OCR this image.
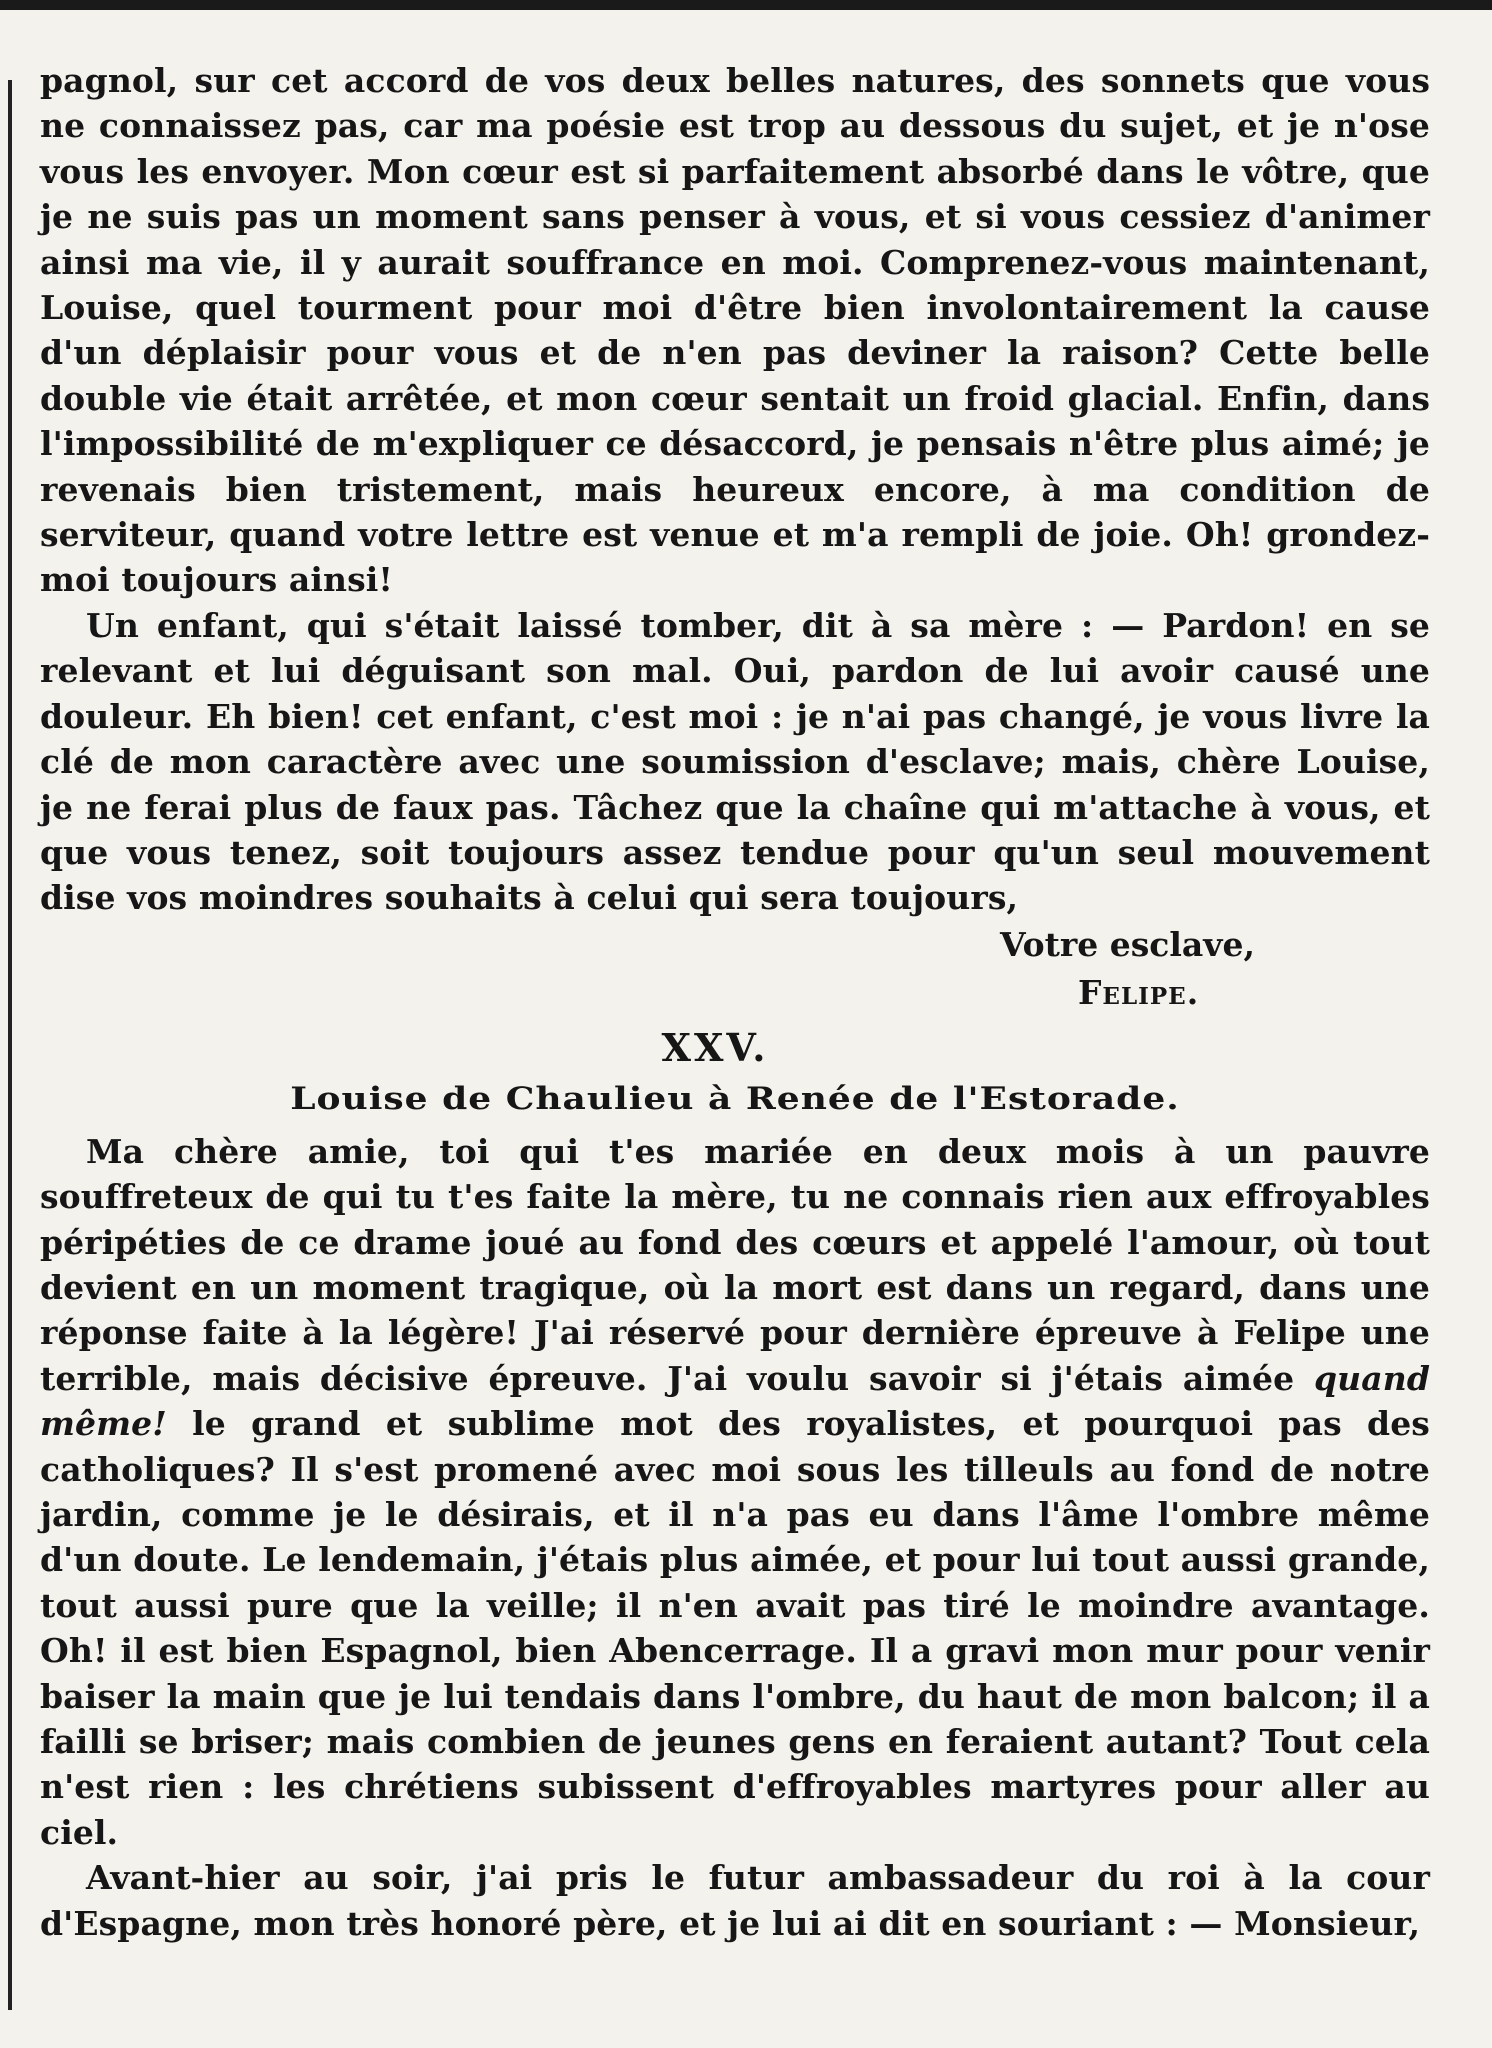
pagnol, sur cet accord de vos deux belles natures, des sonnets que vous ne connaissez pas, car ma poésie est trop au dessous du sujet, et je n'ose vous les envoyer. Mon cœur est si parfaitement absorbé dans le vôtre, que je ne suis pas un moment sans penser à vous, et si vous cessiez d'animer ainsi ma vie, il y aurait souffrance en moi. Comprenez-vous maintenant, Louise, quel tourment pour moi d'être bien involontairement la cause d'un déplaisir pour vous et de n'en pas deviner la raison? Cette belle double vie était arrêtée, et mon cœur sentait un froid glacial. Enfin, dans l'impossibilité de m'expliquer ce désaccord, je pensais n'être plus aimé; je revenais bien tristement, mais heureux encore, à ma condition de serviteur, quand votre lettre est venue et m'a rempli de joie. Oh! grondez-moi toujours ainsi!

Un enfant, qui s'était laissé tomber, dit à sa mère : — Pardon! en se relevant et lui déguisant son mal. Oui, pardon de lui avoir causé une douleur. Eh bien! cet enfant, c'est moi : je n'ai pas changé, je vous livre la clé de mon caractère avec une soumission d'esclave; mais, chère Louise, je ne ferai plus de faux pas. Tâchez que la chaîne qui m'attache à vous, et que vous tenez, soit toujours assez tendue pour qu'un seul mouvement dise vos moindres souhaits à celui qui sera toujours,

Votre esclave,

Felipe.

XXV.
Louise de Chaulieu à Renée de l'Estorade.

Ma chère amie, toi qui t'es mariée en deux mois à un pauvre souffreteux de qui tu t'es faite la mère, tu ne connais rien aux effroyables péripéties de ce drame joué au fond des cœurs et appelé l'amour, où tout devient en un moment tragique, où la mort est dans un regard, dans une réponse faite à la légère! J'ai réservé pour dernière épreuve à Felipe une terrible, mais décisive épreuve. J'ai voulu savoir si j'étais aimée quand même! le grand et sublime mot des royalistes, et pourquoi pas des catholiques? Il s'est promené avec moi sous les tilleuls au fond de notre jardin, comme je le désirais, et il n'a pas eu dans l'âme l'ombre même d'un doute. Le lendemain, j'étais plus aimée, et pour lui tout aussi grande, tout aussi pure que la veille; il n'en avait pas tiré le moindre avantage. Oh! il est bien Espagnol, bien Abencerrage. Il a gravi mon mur pour venir baiser la main que je lui tendais dans l'ombre, du haut de mon balcon; il a failli se briser; mais combien de jeunes gens en feraient autant? Tout cela n'est rien : les chrétiens subissent d'effroyables martyres pour aller au ciel.

Avant-hier au soir, j'ai pris le futur ambassadeur du roi à la cour d'Espagne, mon très honoré père, et je lui ai dit en souriant : — Monsieur,
